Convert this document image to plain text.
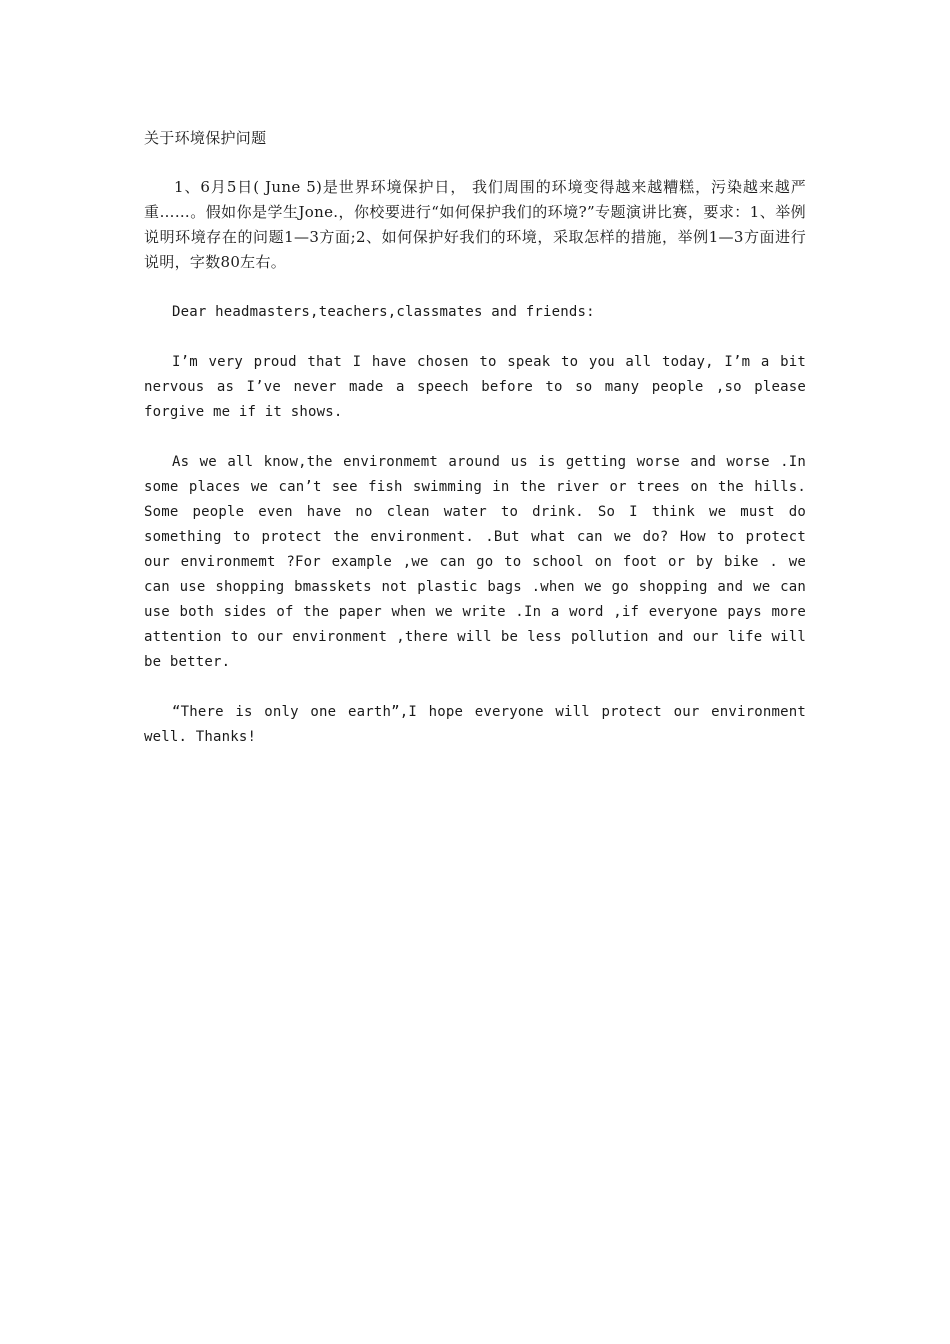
关于环境保护问题

1、6月5日( June 5)是世界环境保护日， 我们周围的环境变得越来越糟糕，污染越来越严重……。假如你是学生Jone.，你校要进行“如何保护我们的环境?”专题演讲比赛，要求：1、举例说明环境存在的问题1—3方面;2、如何保护好我们的环境，采取怎样的措施，举例1—3方面进行说明，字数80左右。

Dear headmasters,teachers,classmates and friends:

I’m very proud that I have chosen to speak to you all today, I’m a bit nervous as I’ve never made a speech before to so many people ,so please forgive me if it shows.

As we all know,the environmemt around us is getting worse and worse .In some places we can’t see fish swimming in the river or trees on the hills. Some people even have no clean water to drink. So I think we must do something to protect the environment. .But what can we do? How to protect our environmemt ?For example ,we can go to school on foot or by bike . we can use shopping bmasskets not plastic bags .when we go shopping and we can use both sides of the paper when we write .In a word ,if everyone pays more attention to our environment ,there will be less pollution and our life will be better.

“There is only one earth”,I hope everyone will protect our environment well. Thanks!
